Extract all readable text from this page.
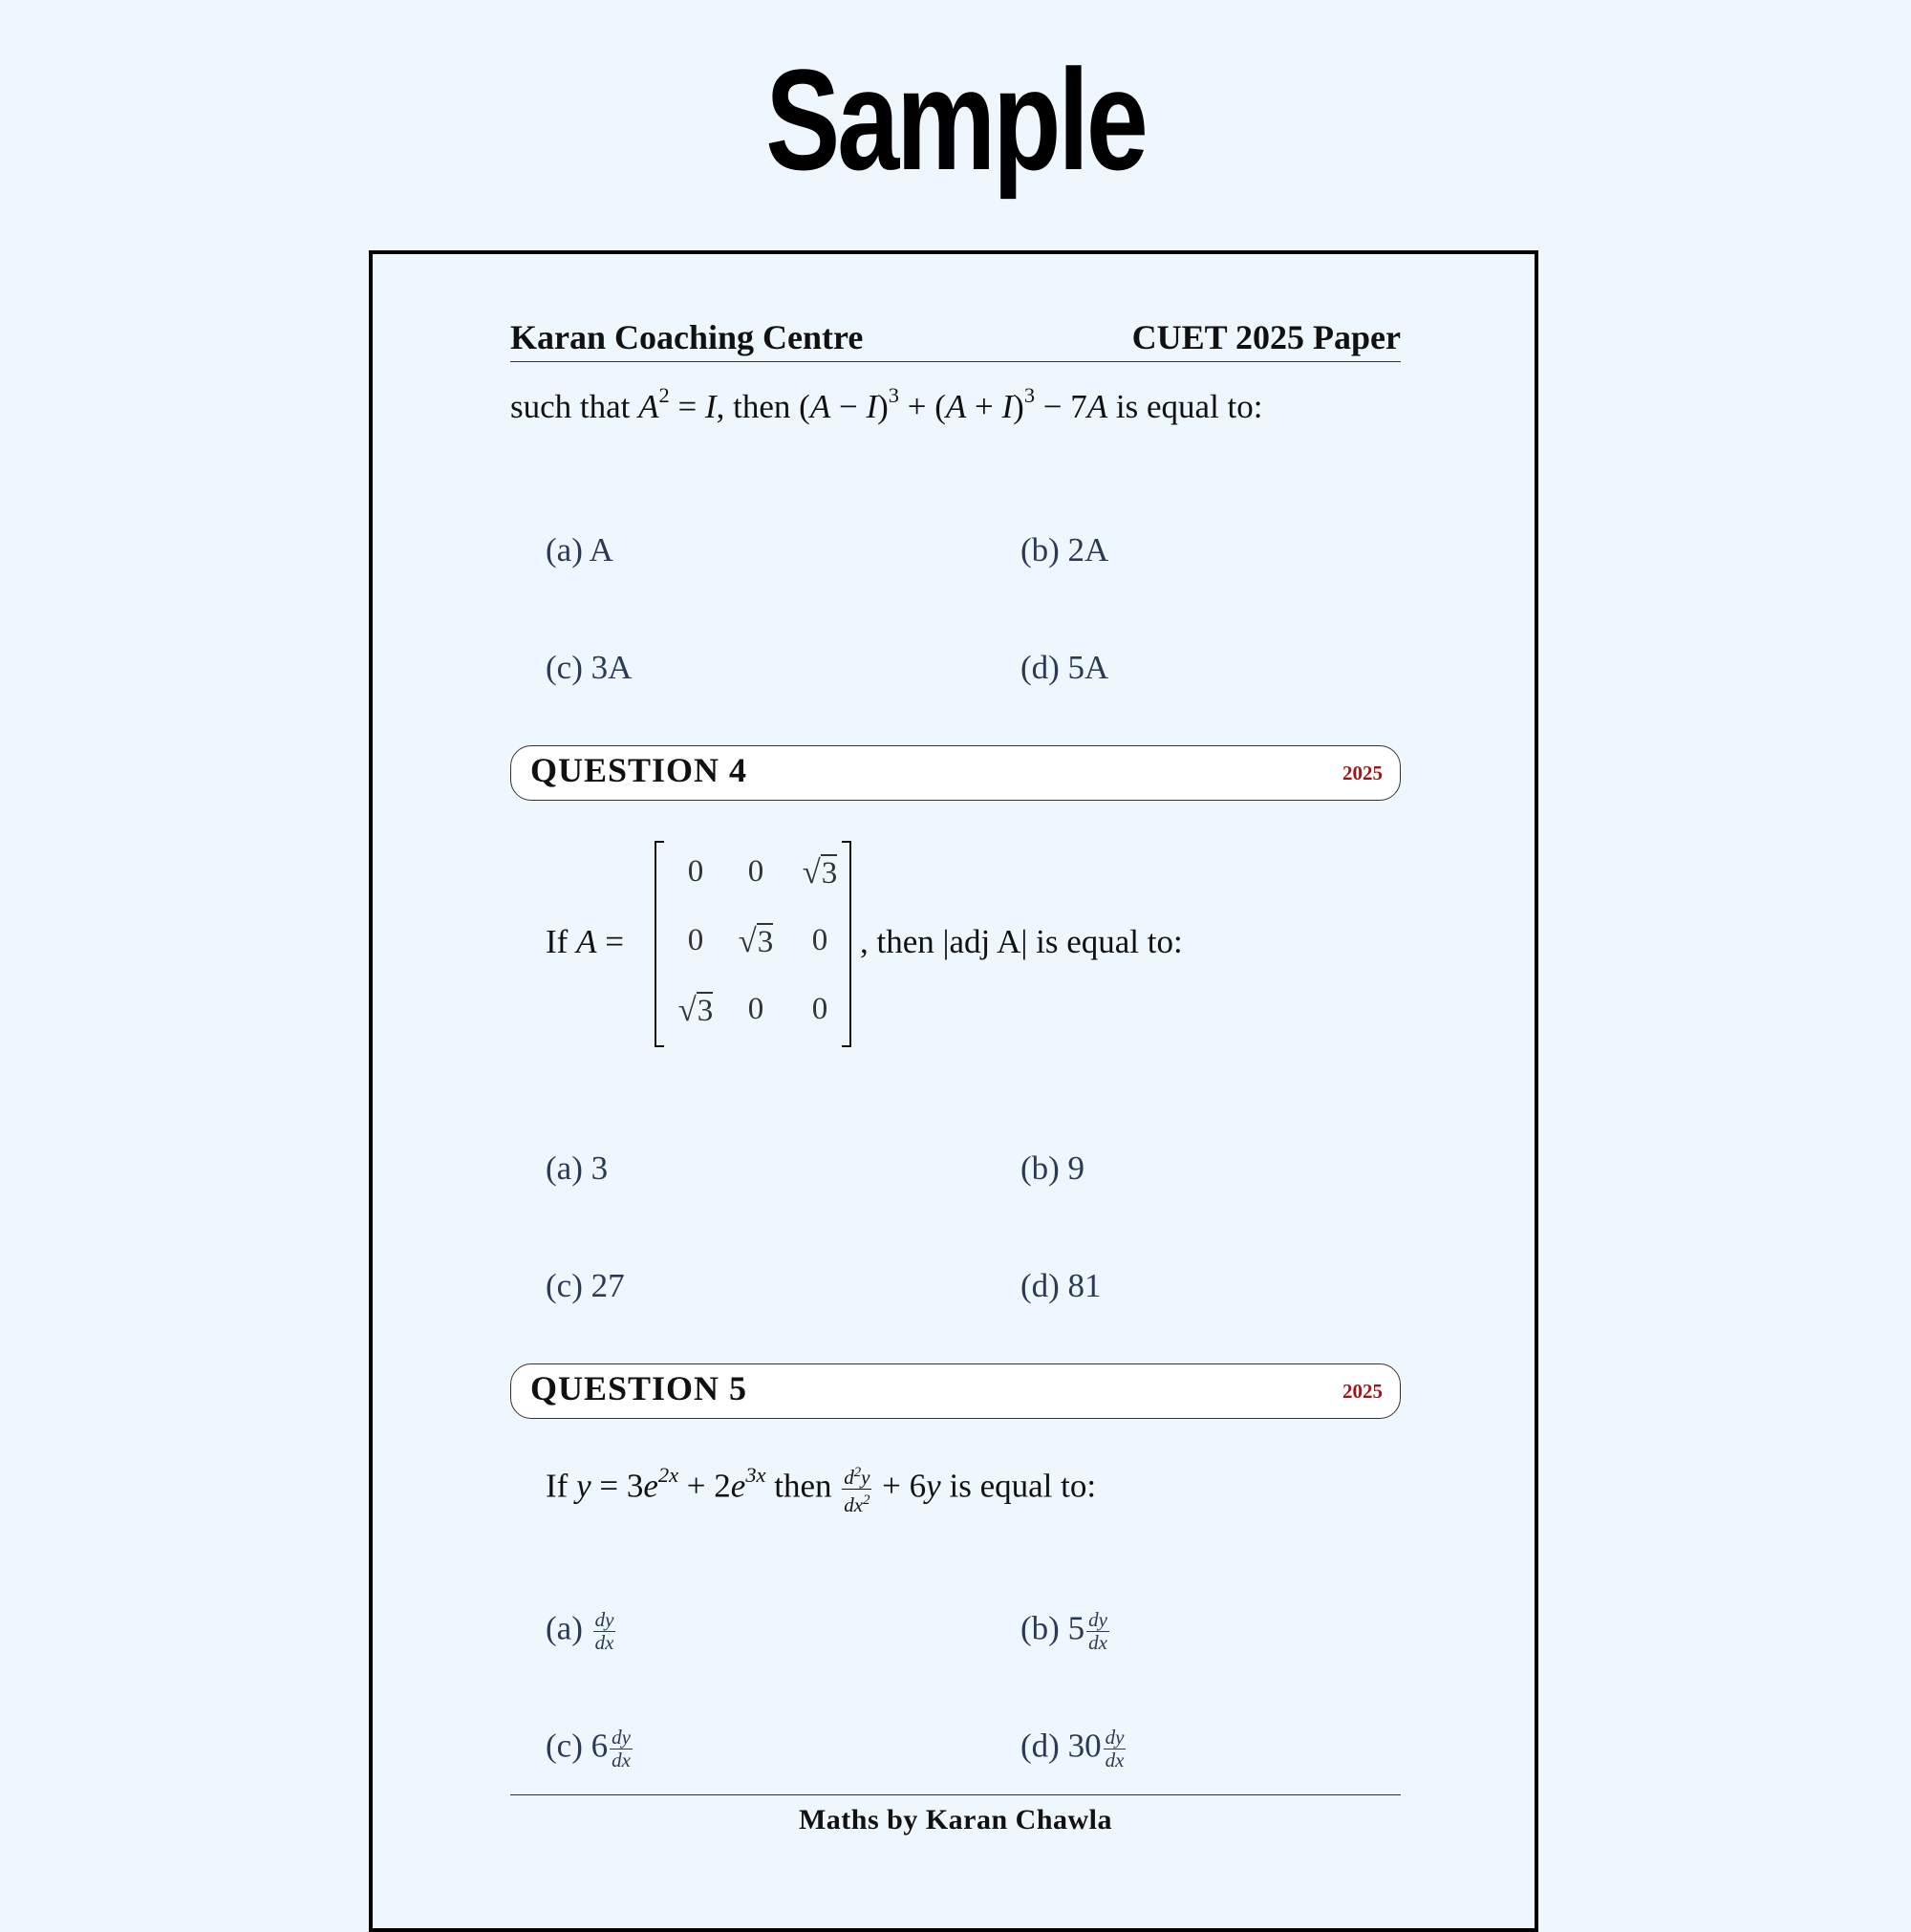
Sample
Karan Coaching Centre	CUET 2025 Paper
such that $A^2 = I$, then $(A - I)^3 + (A + I)^3 - 7A$ is equal to:
(a) A	(b) 2A
(c) 3A	(d) 5A
QUESTION 4	2025
If A =
0	0	√3
0	√3	0
√3	0	0
, then |adj A| is equal to:
(a) 3	(b) 9
(c) 27	(d) 81
QUESTION 5	2025
If $y = 3e^{2x} + 2e^{3x}$ then $\frac{d^2y}{dx^2} + 6y$ is equal to:
$(a) \frac{dy}{dx}$	(b) $5 \frac{dy}{dx}$
(c) $6 \frac{dy}{dx}$	(d) $30 \frac{dy}{dx}$
Maths by Karan Chawla
